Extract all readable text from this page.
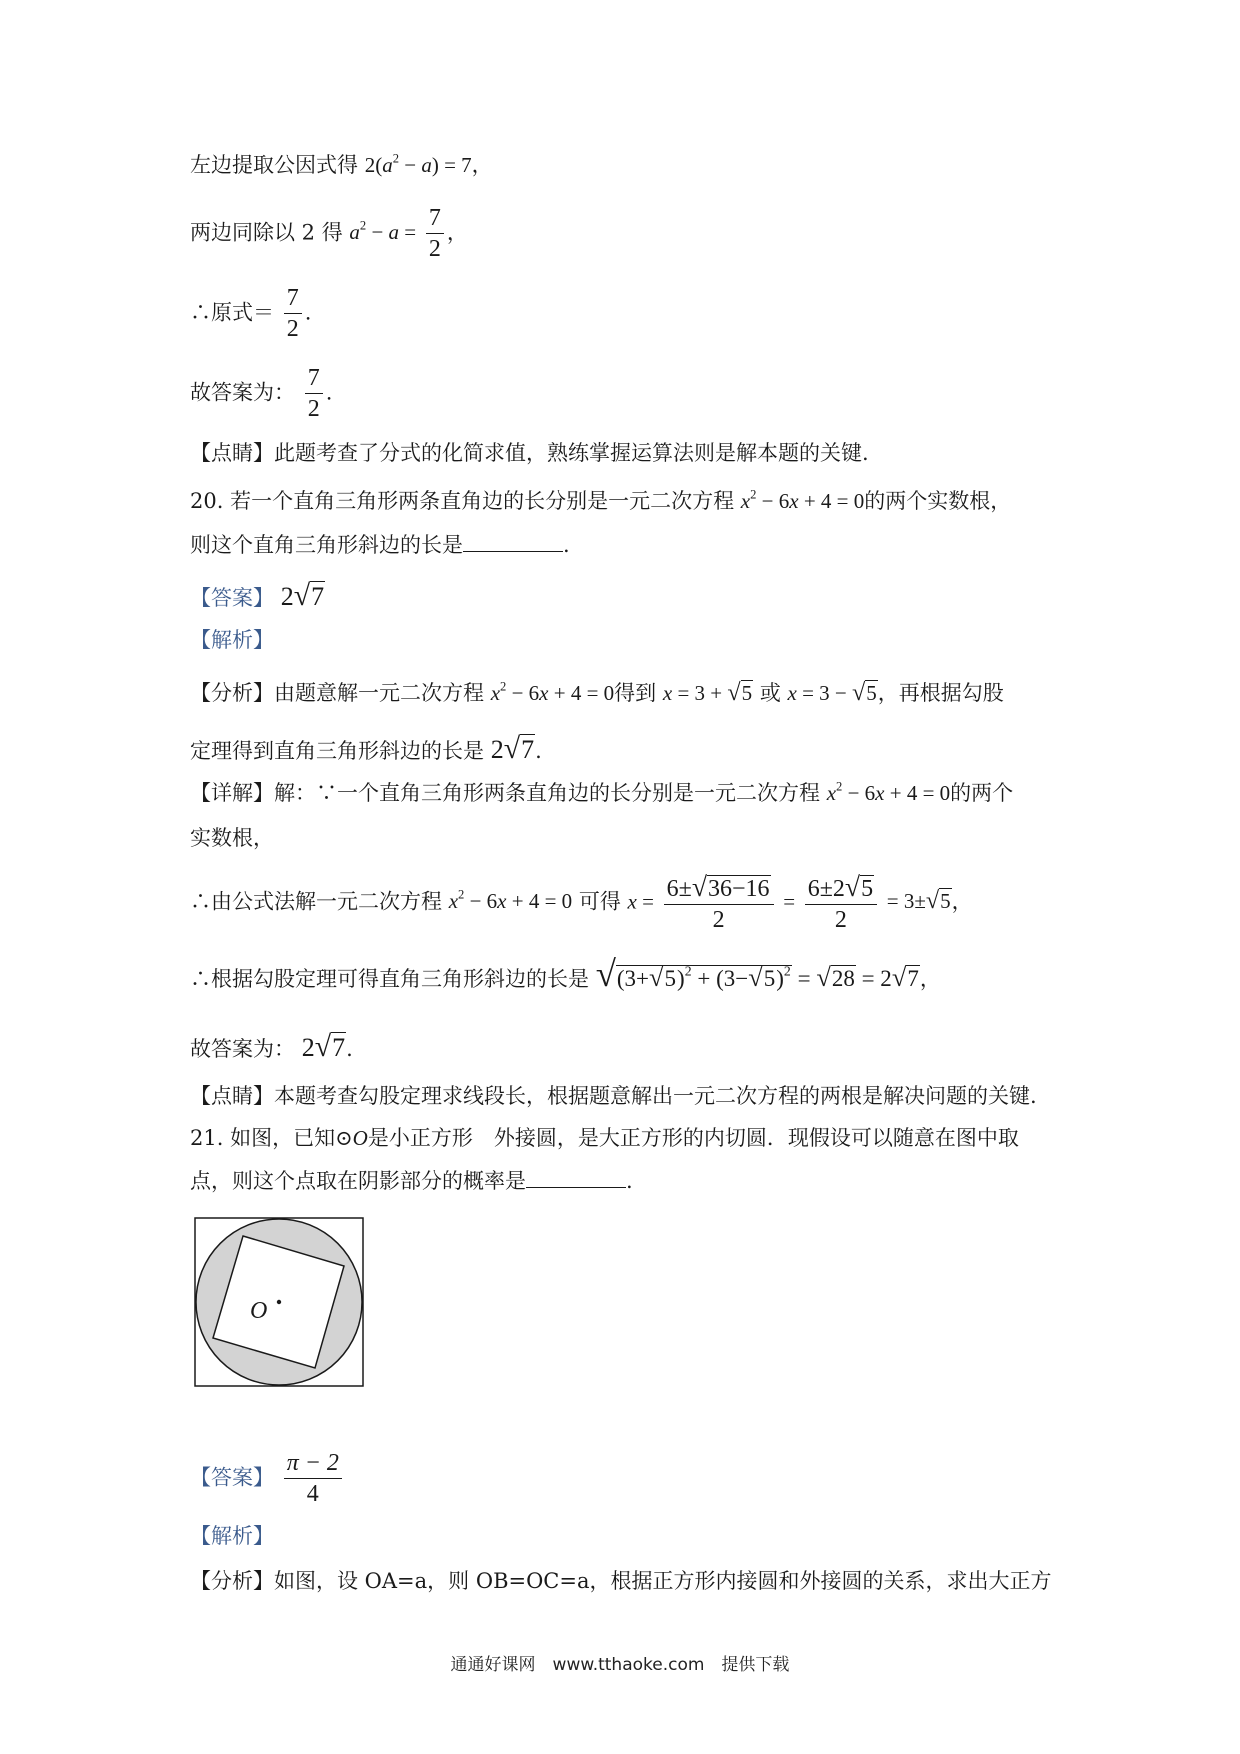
左边提取公因式得 $2(a^2 - a) = 7$，
两边同除以 2 得 $a^2 - a = \frac{7}{2}$ ，
∴原式＝ $\frac{7}{2}$ .
故答案为： $\frac{7}{2}$ .
【点睛】此题考查了分式的化简求值，熟练掌握运算法则是解本题的关键.
20. 若一个直角三角形两条直角边的长分别是一元二次方程 $x^2 - 6x + 4 = 0$的两个实数根，
则这个直角三角形斜边的长是	.
【答案】 2√7
【解析】
【分析】由题意解一元二次方程 $x^2 - 6x + 4 = 0$得到 x = 3 + √5 或 x = 3 − √5，再根据勾股
定理得到直角三角形斜边的长是 2√7.
【详解】解：∵一个直角三角形两条直角边的长分别是一元二次方程 $x^2 - 6x + 4 = 0$的两个
实数根，
∴由公式法解一元二次方程 $x^2 - 6x + 4 = 0$ 可得 $x = \frac{6\pm√36-16}{2} = \frac{6\pm 2√5}{2} = 3\pm√5$，
∴根据勾股定理可得直角三角形斜边的长是 $√(3+√5)^2 + (3-√5)^2 = √28 = 2√7$，
故答案为： 2√7.
【点睛】本题考查勾股定理求线段长，根据题意解出一元二次方程的两根是解决问题的关键.
21. 如图，已知⊙O是小正方形　外接圆，是大正方形的内切圆．现假设可以随意在图中取
点，则这个点取在阴影部分的概率是	.
O
【答案】 $\frac{\pi - 2}{4}$
【解析】
【分析】如图，设 OA=a，则 OB=OC=a，根据正方形内接圆和外接圆的关系，求出大正方
通通好课网　www.tthaoke.com　提供下载
